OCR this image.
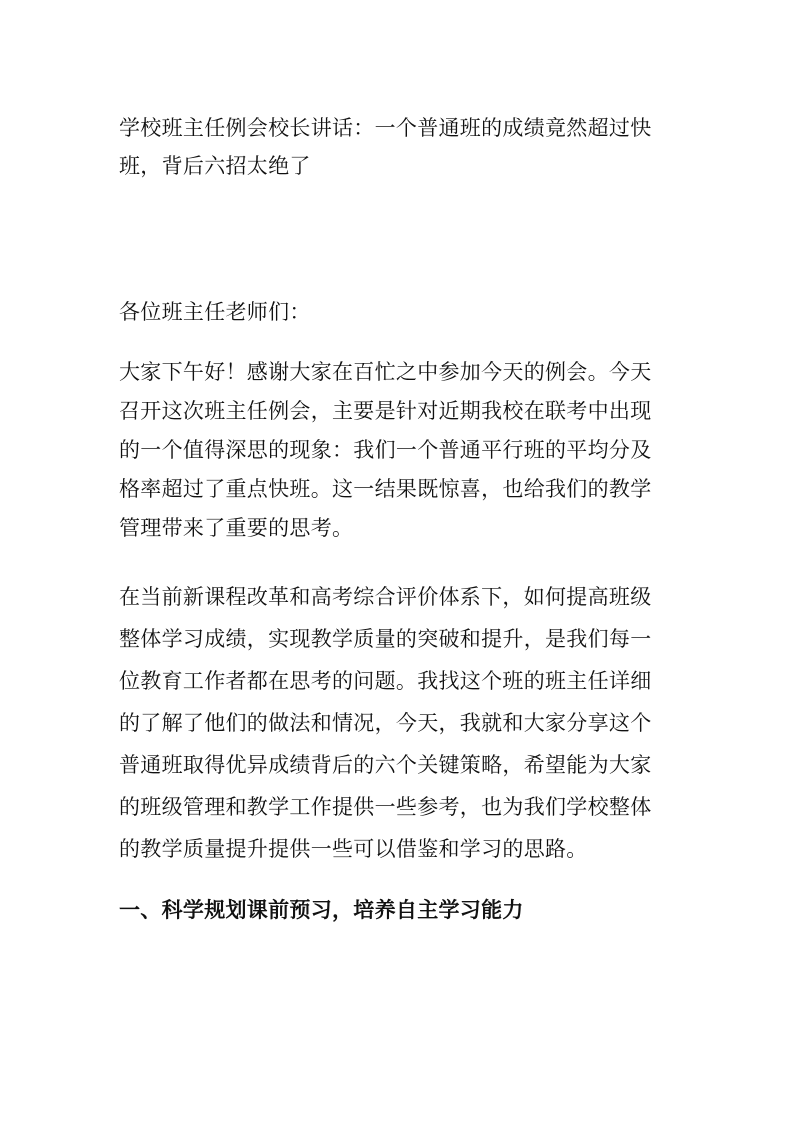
学校班主任例会校长讲话：一个普通班的成绩竟然超过快
班，背后六招太绝了
各位班主任老师们：
大家下午好！感谢大家在百忙之中参加今天的例会。今天
召开这次班主任例会，主要是针对近期我校在联考中出现
的一个值得深思的现象：我们一个普通平行班的平均分及
格率超过了重点快班。这一结果既惊喜，也给我们的教学
管理带来了重要的思考。
在当前新课程改革和高考综合评价体系下，如何提高班级
整体学习成绩，实现教学质量的突破和提升，是我们每一
位教育工作者都在思考的问题。我找这个班的班主任详细
的了解了他们的做法和情况，今天，我就和大家分享这个
普通班取得优异成绩背后的六个关键策略，希望能为大家
的班级管理和教学工作提供一些参考，也为我们学校整体
的教学质量提升提供一些可以借鉴和学习的思路。
一、科学规划课前预习，培养自主学习能力
